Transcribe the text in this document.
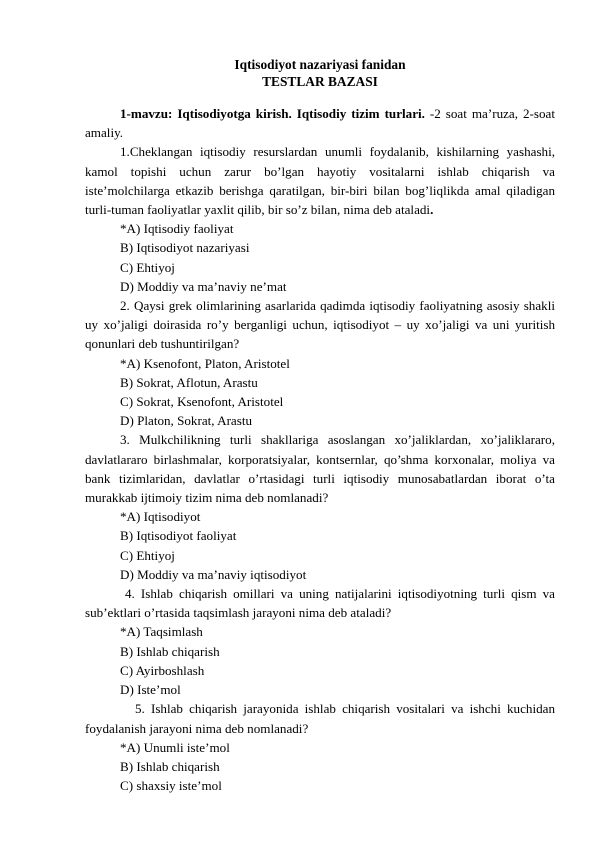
Iqtisodiyot nazariyasi fanidan
TESTLAR BAZASI
1-mavzu: Iqtisodiyotga kirish. Iqtisodiy tizim turlari. -2 soat ma’ruza, 2-soat amaliy.
1.Cheklangan iqtisodiy resurslardan unumli foydalanib, kishilarning yashashi, kamol topishi uchun zarur bo’lgan hayotiy vositalarni ishlab chiqarish va iste’molchilarga etkazib berishga qaratilgan, bir-biri bilan bog’liqlikda amal qiladigan turli-tuman faoliyatlar yaxlit qilib, bir so’z bilan, nima deb ataladi.
*A) Iqtisodiy faoliyat
B) Iqtisodiyot nazariyasi
C) Ehtiyoj
D) Moddiy va ma’naviy ne’mat
2. Qaysi grek olimlarining asarlarida qadimda iqtisodiy faoliyatning asosiy shakli uy xo’jaligi doirasida ro’y berganligi uchun, iqtisodiyot – uy xo’jaligi va uni yuritish qonunlari deb tushuntirilgan?
*A) Ksenofont, Platon, Aristotel
B) Sokrat, Aflotun, Arastu
C) Sokrat, Ksenofont, Aristotel
D) Platon, Sokrat, Arastu
3. Mulkchilikning turli shakllariga asoslangan xo’jaliklardan, xo’jaliklararo, davlatlararo birlashmalar, korporatsiyalar, kontsernlar, qo’shma korxonalar, moliya va bank tizimlaridan, davlatlar o’rtasidagi turli iqtisodiy munosabatlardan iborat o’ta murakkab ijtimoiy tizim nima deb nomlanadi?
*A) Iqtisodiyot
B) Iqtisodiyot faoliyat
C) Ehtiyoj
D) Moddiy va ma’naviy iqtisodiyot
4. Ishlab chiqarish omillari va uning natijalarini iqtisodiyotning turli qism va sub’ektlari o’rtasida taqsimlash jarayoni nima deb ataladi?
*A) Taqsimlash
B) Ishlab chiqarish
C) Ayirboshlash
D) Iste’mol
5. Ishlab chiqarish jarayonida ishlab chiqarish vositalari va ishchi kuchidan foydalanish jarayoni nima deb nomlanadi?
*A) Unumli iste’mol
B) Ishlab chiqarish
C) shaxsiy iste’mol
